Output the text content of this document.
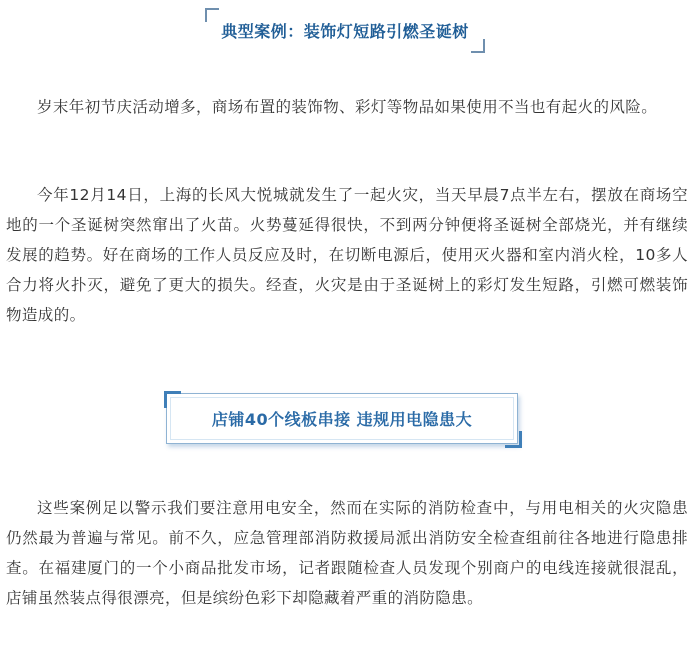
典型案例：装饰灯短路引燃圣诞树

岁末年初节庆活动增多，商场布置的装饰物、彩灯等物品如果使用不当也有起火的风险。

今年12月14日，上海的长风大悦城就发生了一起火灾，当天早晨7点半左右，摆放在商场空地的一个圣诞树突然窜出了火苗。火势蔓延得很快，不到两分钟便将圣诞树全部烧光，并有继续发展的趋势。好在商场的工作人员反应及时，在切断电源后，使用灭火器和室内消火栓，10多人合力将火扑灭，避免了更大的损失。经查，火灾是由于圣诞树上的彩灯发生短路，引燃可燃装饰物造成的。

店铺40个线板串接 违规用电隐患大

这些案例足以警示我们要注意用电安全，然而在实际的消防检查中，与用电相关的火灾隐患仍然最为普遍与常见。前不久，应急管理部消防救援局派出消防安全检查组前往各地进行隐患排查。在福建厦门的一个小商品批发市场，记者跟随检查人员发现个别商户的电线连接就很混乱，店铺虽然装点得很漂亮，但是缤纷色彩下却隐藏着严重的消防隐患。
